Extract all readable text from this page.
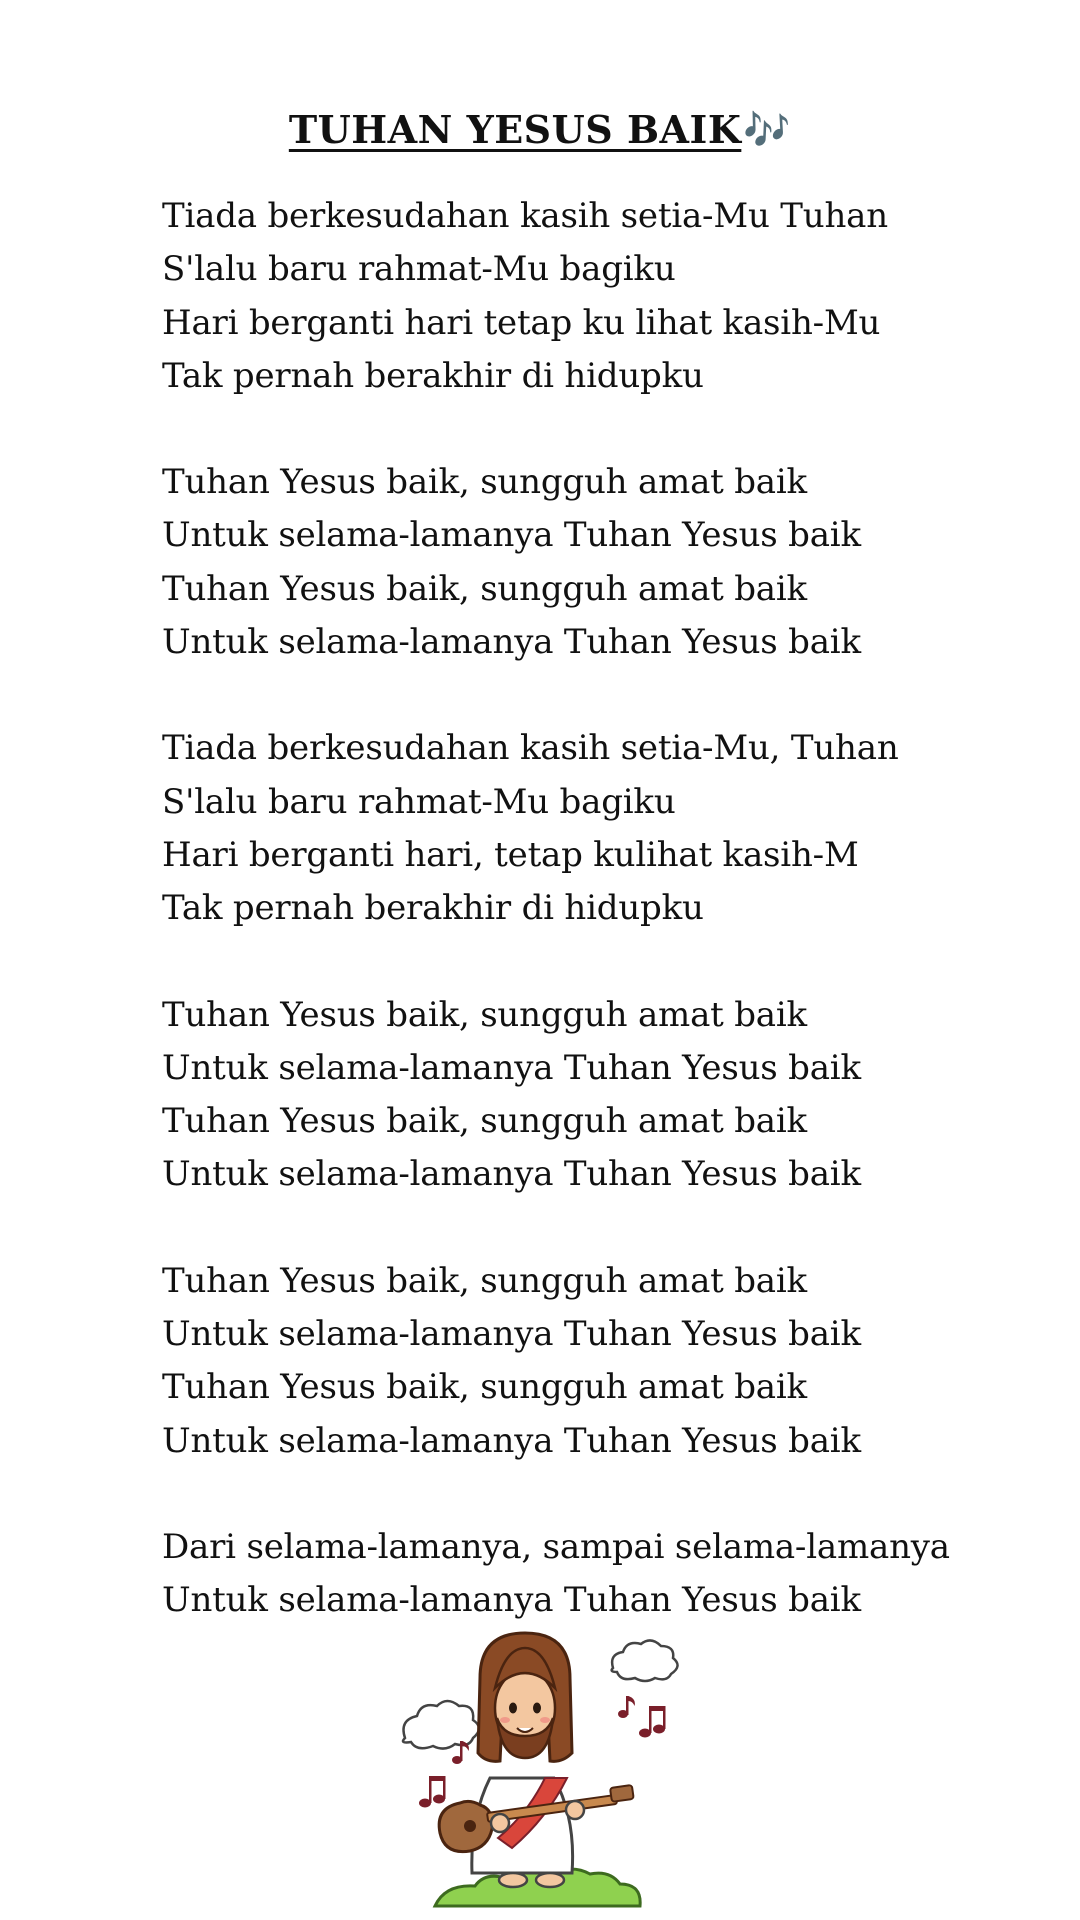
TUHAN YESUS BAIK🎶
Tiada berkesudahan kasih setia-Mu Tuhan
S'lalu baru rahmat-Mu bagiku
Hari berganti hari tetap ku lihat kasih-Mu
Tak pernah berakhir di hidupku
Tuhan Yesus baik, sungguh amat baik
Untuk selama-lamanya Tuhan Yesus baik
Tuhan Yesus baik, sungguh amat baik
Untuk selama-lamanya Tuhan Yesus baik
Tiada berkesudahan kasih setia-Mu, Tuhan
S'lalu baru rahmat-Mu bagiku
Hari berganti hari, tetap kulihat kasih-M
Tak pernah berakhir di hidupku
Tuhan Yesus baik, sungguh amat baik
Untuk selama-lamanya Tuhan Yesus baik
Tuhan Yesus baik, sungguh amat baik
Untuk selama-lamanya Tuhan Yesus baik
Tuhan Yesus baik, sungguh amat baik
Untuk selama-lamanya Tuhan Yesus baik
Tuhan Yesus baik, sungguh amat baik
Untuk selama-lamanya Tuhan Yesus baik
Dari selama-lamanya, sampai selama-lamanya
Untuk selama-lamanya Tuhan Yesus baik
